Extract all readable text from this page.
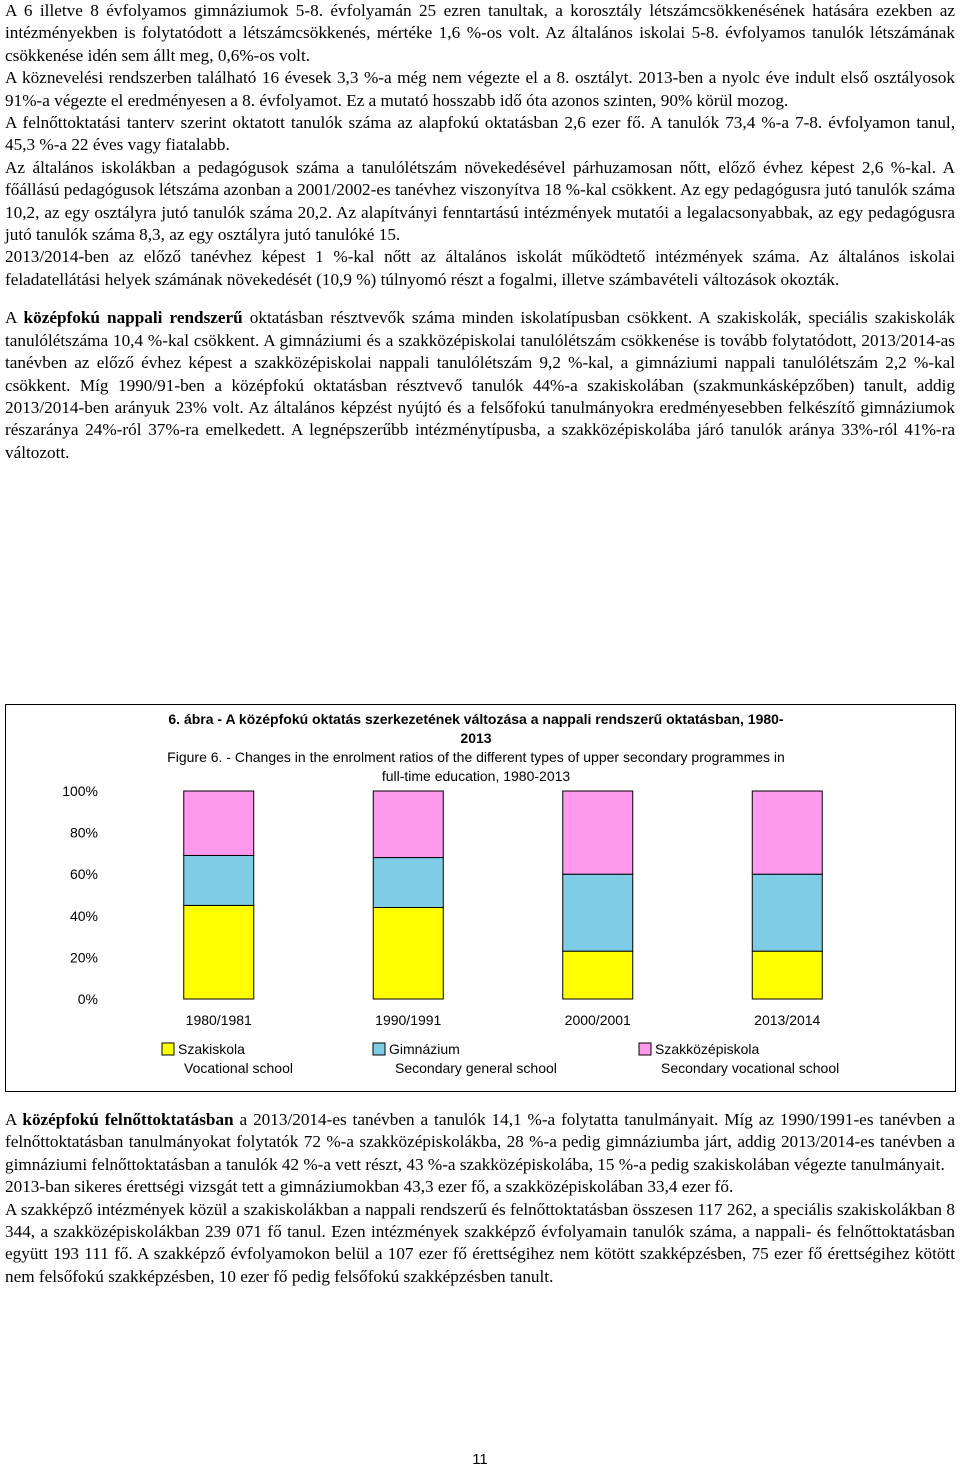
A 6 illetve 8 évfolyamos gimnáziumok 5-8. évfolyamán 25 ezren tanultak, a korosztály létszámcsökkenésének hatására ezekben az intézményekben is folytatódott a létszámcsökkenés, mértéke 1,6 %-os volt. Az általános iskolai 5-8. évfolyamos tanulók létszámának csökkenése idén sem állt meg, 0,6%-os volt.

A köznevelési rendszerben található 16 évesek 3,3 %-a még nem végezte el a 8. osztályt. 2013-ben a nyolc éve indult első osztályosok 91%-a végezte el eredményesen a 8. évfolyamot. Ez a mutató hosszabb idő óta azonos szinten, 90% körül mozog.

A felnőttoktatási tanterv szerint oktatott tanulók száma az alapfokú oktatásban 2,6 ezer fő. A tanulók 73,4 %-a 7-8. évfolyamon tanul, 45,3 %-a 22 éves vagy fiatalabb.

Az általános iskolákban a pedagógusok száma a tanulólétszám növekedésével párhuzamosan nőtt, előző évhez képest 2,6 %-kal. A főállású pedagógusok létszáma azonban a 2001/2002-es tanévhez viszonyítva 18 %-kal csökkent. Az egy pedagógusra jutó tanulók száma 10,2, az egy osztályra jutó tanulók száma 20,2. Az alapítványi fenntartású intézmények mutatói a legalacsonyabbak, az egy pedagógusra jutó tanulók száma 8,3, az egy osztályra jutó tanulóké 15.

2013/2014-ben az előző tanévhez képest 1 %-kal nőtt az általános iskolát működtető intézmények száma. Az általános iskolai feladatellátási helyek számának növekedését (10,9 %) túlnyomó részt a fogalmi, illetve számbavételi változások okozták.

A középfokú nappali rendszerű oktatásban résztvevők száma minden iskolatípusban csökkent. A szakiskolák, speciális szakiskolák tanulólétszáma 10,4 %-kal csökkent. A gimnáziumi és a szakközépiskolai tanulólétszám csökkenése is tovább folytatódott, 2013/2014-as tanévben az előző évhez képest a szakközépiskolai nappali tanulólétszám 9,2 %-kal, a gimnáziumi nappali tanulólétszám 2,2 %-kal csökkent. Míg 1990/91-ben a középfokú oktatásban résztvevő tanulók 44%-a szakiskolában (szakmunkásképzőben) tanult, addig 2013/2014-ben arányuk 23% volt. Az általános képzést nyújtó és a felsőfokú tanulmányokra eredményesebben felkészítő gimnáziumok részaránya 24%-ról 37%-ra emelkedett. A legnépszerűbb intézménytípusba, a szakközépiskolába járó tanulók aránya 33%-ról 41%-ra változott.

6. ábra - A középfokú oktatás szerkezetének változása a nappali rendszerű oktatásban, 1980-
2013
Figure 6. - Changes in the enrolment ratios of the different types of upper secondary programmes in
full-time education, 1980-2013
0%
20%
40%
60%
80%
100%
1980/1981	1990/1991	2000/2001	2013/2014
Szakiskola
Vocational school
Gimnázium
Secondary general school
Szakközépiskola
Secondary vocational school

A középfokú felnőttoktatásban a 2013/2014-es tanévben a tanulók 14,1 %-a folytatta tanulmányait. Míg az 1990/1991-es tanévben a felnőttoktatásban tanulmányokat folytatók 72 %-a szakközépiskolákba, 28 %-a pedig gimnáziumba járt, addig 2013/2014-es tanévben a gimnáziumi felnőttoktatásban a tanulók 42 %-a vett részt, 43 %-a szakközépiskolába, 15 %-a pedig szakiskolában végezte tanulmányait.

2013-ban sikeres érettségi vizsgát tett a gimnáziumokban 43,3 ezer fő, a szakközépiskolában 33,4 ezer fő.

A szakképző intézmények közül a szakiskolákban a nappali rendszerű és felnőttoktatásban összesen 117 262, a speciális szakiskolákban 8 344, a szakközépiskolákban 239 071 fő tanul. Ezen intézmények szakképző évfolyamain tanulók száma, a nappali- és felnőttoktatásban együtt 193 111 fő. A szakképző évfolyamokon belül a 107 ezer fő érettségihez nem kötött szakképzésben, 75 ezer fő érettségihez kötött nem felsőfokú szakképzésben, 10 ezer fő pedig felsőfokú szakképzésben tanult.

11
